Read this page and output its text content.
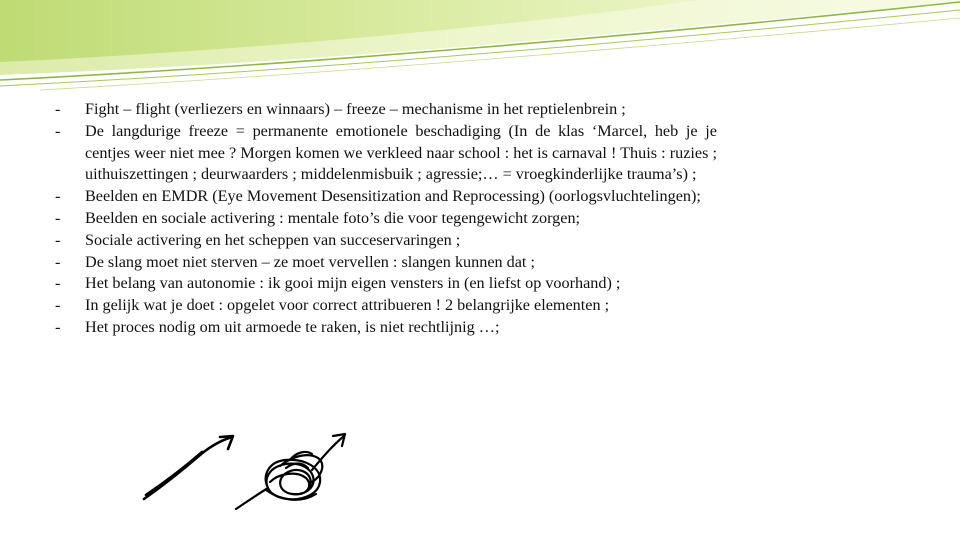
-	Fight – flight (verliezers en winnaars) – freeze – mechanisme in het reptielenbrein ;
-	De langdurige freeze = permanente emotionele beschadiging (In de klas ‘Marcel, heb je je centjes weer niet mee ? Morgen komen we verkleed naar school : het is carnaval ! Thuis : ruzies ; uithuiszettingen ; deurwaarders ; middelenmisbuik ; agressie;… = vroegkinderlijke trauma’s) ;
-	Beelden en EMDR (Eye Movement Desensitization and Reprocessing) (oorlogsvluchtelingen);
-	Beelden en sociale activering : mentale foto’s die voor tegengewicht zorgen;
-	Sociale activering en het scheppen van succeservaringen ;
-	De slang moet niet sterven – ze moet vervellen : slangen kunnen dat ;
-	Het belang van autonomie : ik gooi mijn eigen vensters in (en liefst op voorhand) ;
-	In gelijk wat je doet : opgelet voor correct attribueren ! 2 belangrijke elementen ;
-	Het proces nodig om uit armoede te raken, is niet rechtlijnig …;
